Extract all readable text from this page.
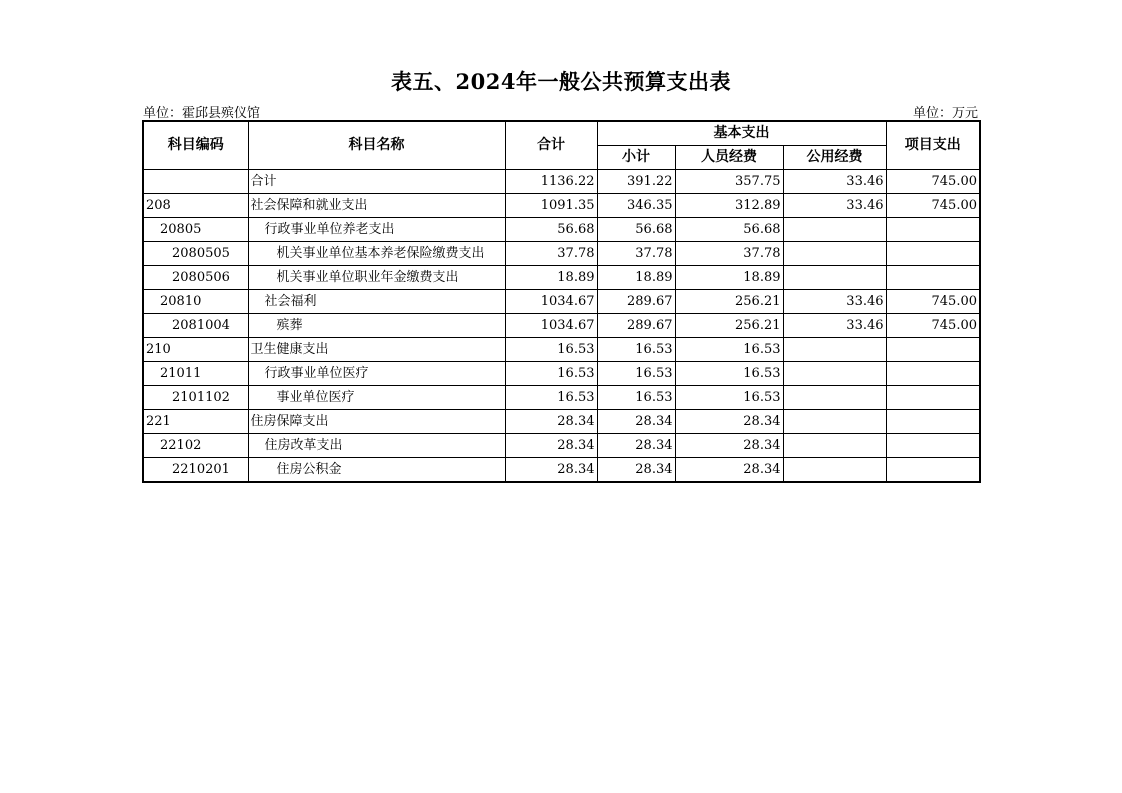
表五、2024年一般公共预算支出表
单位：霍邱县殡仪馆	单位：万元
科目编码	科目名称	合计	基本支出			项目支出
			小计	人员经费	公用经费	
	合计	1136.22	391.22	357.75	33.46	745.00
208	社会保障和就业支出	1091.35	346.35	312.89	33.46	745.00
20805	行政事业单位养老支出	56.68	56.68	56.68		
2080505	机关事业单位基本养老保险缴费支出	37.78	37.78	37.78		
2080506	机关事业单位职业年金缴费支出	18.89	18.89	18.89		
20810	社会福利	1034.67	289.67	256.21	33.46	745.00
2081004	殡葬	1034.67	289.67	256.21	33.46	745.00
210	卫生健康支出	16.53	16.53	16.53		
21011	行政事业单位医疗	16.53	16.53	16.53		
2101102	事业单位医疗	16.53	16.53	16.53		
221	住房保障支出	28.34	28.34	28.34		
22102	住房改革支出	28.34	28.34	28.34		
2210201	住房公积金	28.34	28.34	28.34		
